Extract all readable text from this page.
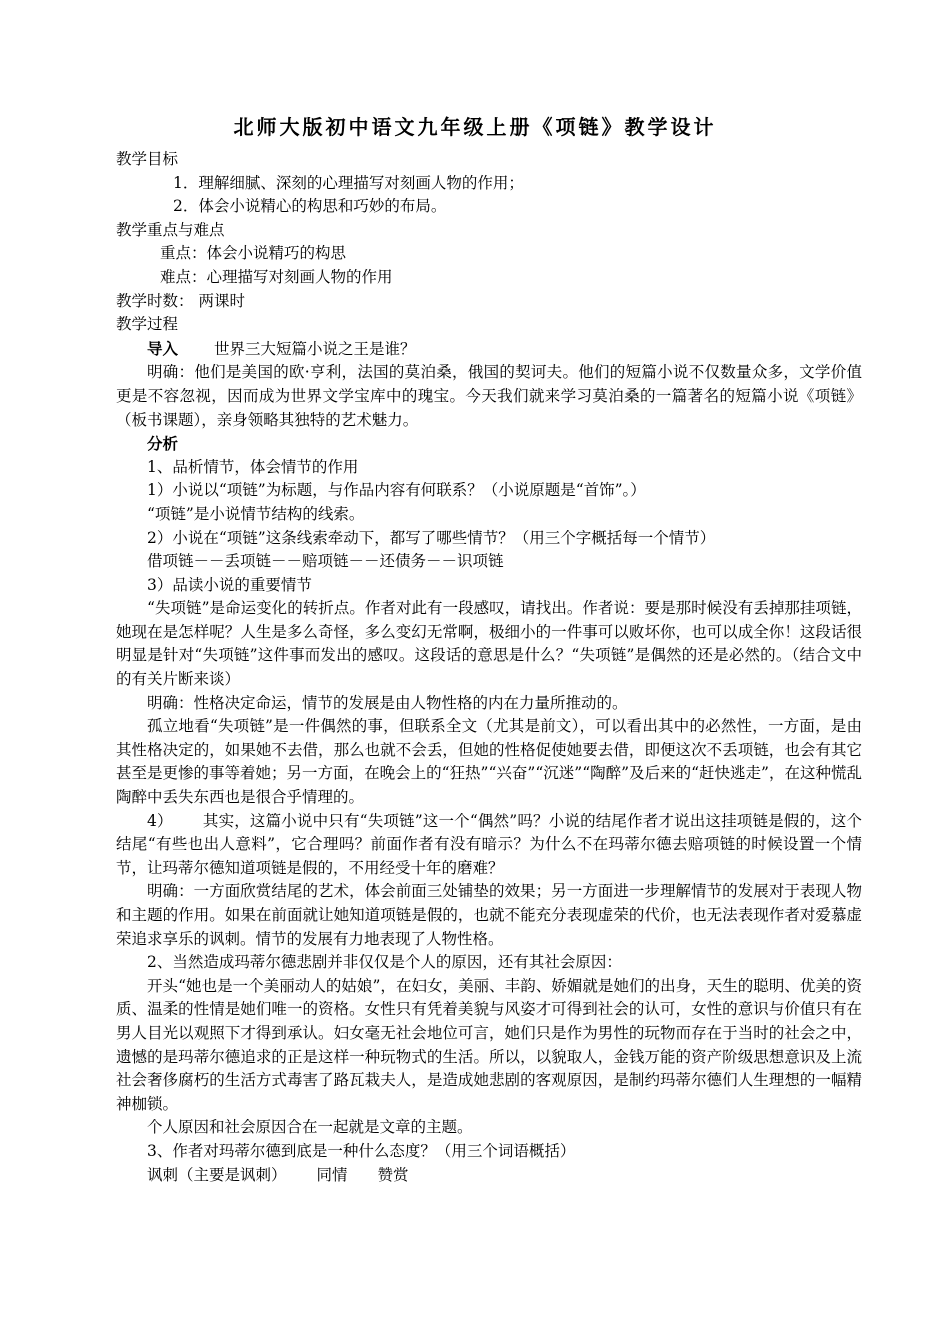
北师大版初中语文九年级上册《项链》教学设计

教学目标

1．理解细腻、深刻的心理描写对刻画人物的作用；

2．体会小说精心的构思和巧妙的布局。

教学重点与难点

重点：体会小说精巧的构思

难点：心理描写对刻画人物的作用

教学时数： 两课时

教学过程

导入 世界三大短篇小说之王是谁？

明确：他们是美国的欧·亨利，法国的莫泊桑，俄国的契诃夫。他们的短篇小说不仅数量众多，文学价值更是不容忽视，因而成为世界文学宝库中的瑰宝。今天我们就来学习莫泊桑的一篇著名的短篇小说《项链》（板书课题），亲身领略其独特的艺术魅力。

分析

1、品析情节，体会情节的作用

1）小说以“项链”为标题，与作品内容有何联系？（小说原题是“首饰”。）

“项链”是小说情节结构的线索。

2）小说在“项链”这条线索牵动下，都写了哪些情节？（用三个字概括每一个情节）

借项链－－丢项链－－赔项链－－还债务－－识项链

3）品读小说的重要情节

“失项链”是命运变化的转折点。作者对此有一段感叹，请找出。作者说：要是那时候没有丢掉那挂项链，她现在是怎样呢？人生是多么奇怪，多么变幻无常啊，极细小的一件事可以败坏你，也可以成全你！这段话很明显是针对“失项链”这件事而发出的感叹。这段话的意思是什么？“失项链”是偶然的还是必然的。（结合文中的有关片断来谈）

明确：性格决定命运，情节的发展是由人物性格的内在力量所推动的。

孤立地看“失项链”是一件偶然的事，但联系全文（尤其是前文），可以看出其中的必然性，一方面，是由其性格决定的，如果她不去借，那么也就不会丢，但她的性格促使她要去借，即便这次不丢项链，也会有其它甚至是更惨的事等着她；另一方面，在晚会上的“狂热”“兴奋”“沉迷”“陶醉”及后来的“赶快逃走”，在这种慌乱陶醉中丢失东西也是很合乎情理的。

4） 其实，这篇小说中只有“失项链”这一个“偶然”吗？小说的结尾作者才说出这挂项链是假的，这个结尾“有些也出人意料”，它合理吗？前面作者有没有暗示？为什么不在玛蒂尔德去赔项链的时候设置一个情节，让玛蒂尔德知道项链是假的，不用经受十年的磨难？

明确：一方面欣赏结尾的艺术，体会前面三处铺垫的效果；另一方面进一步理解情节的发展对于表现人物和主题的作用。如果在前面就让她知道项链是假的，也就不能充分表现虚荣的代价，也无法表现作者对爱慕虚荣追求享乐的讽刺。情节的发展有力地表现了人物性格。

2、当然造成玛蒂尔德悲剧并非仅仅是个人的原因，还有其社会原因：

开头“她也是一个美丽动人的姑娘”，在妇女，美丽、丰韵、娇媚就是她们的出身，天生的聪明、优美的资质、温柔的性情是她们唯一的资格。女性只有凭着美貌与风姿才可得到社会的认可，女性的意识与价值只有在男人目光以观照下才得到承认。妇女毫无社会地位可言，她们只是作为男性的玩物而存在于当时的社会之中，遗憾的是玛蒂尔德追求的正是这样一种玩物式的生活。所以，以貌取人，金钱万能的资产阶级思想意识及上流社会奢侈腐朽的生活方式毒害了路瓦栽夫人，是造成她悲剧的客观原因，是制约玛蒂尔德们人生理想的一幅精神枷锁。

个人原因和社会原因合在一起就是文章的主题。

3、作者对玛蒂尔德到底是一种什么态度？（用三个词语概括）

讽刺（主要是讽刺） 同情 赞赏
